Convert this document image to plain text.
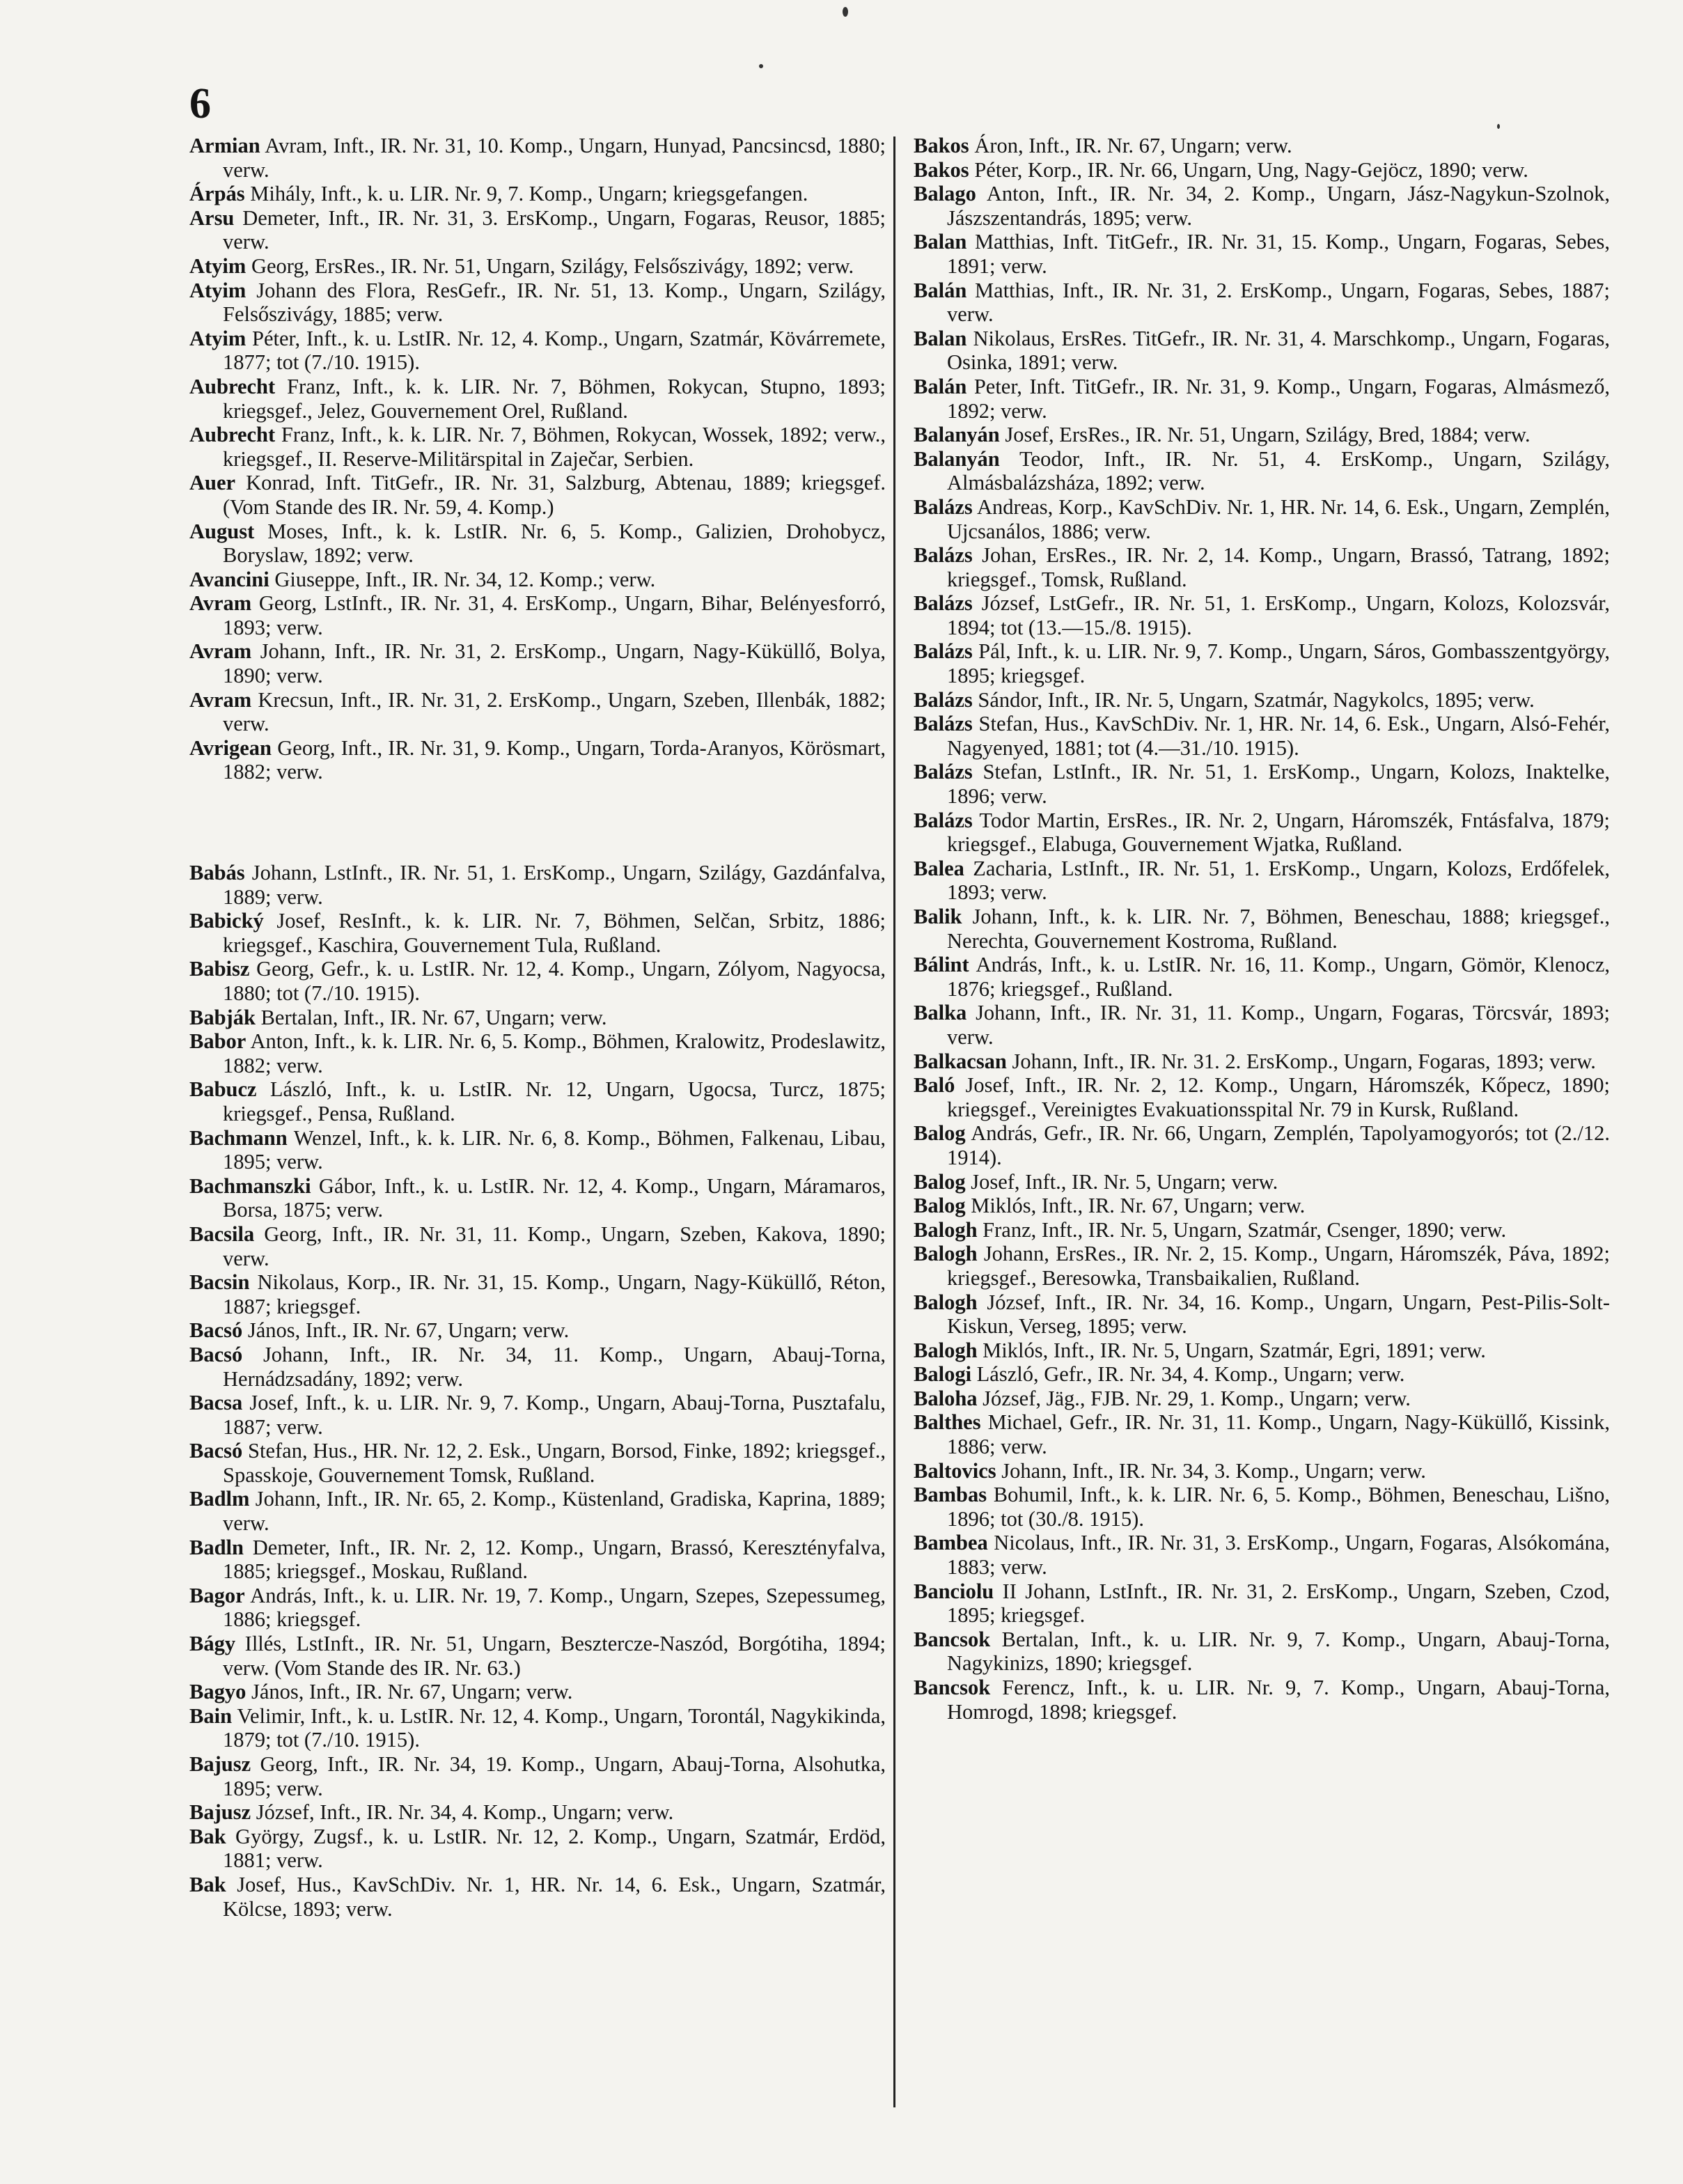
6

Armian Avram, Inft., IR. Nr. 31, 10. Komp., Ungarn, Hunyad, Pancsincsd, 1880; verw.

Árpás Mihály, Inft., k. u. LIR. Nr. 9, 7. Komp., Ungarn; kriegsgefangen.

Arsu Demeter, Inft., IR. Nr. 31, 3. ErsKomp., Ungarn, Fogaras, Reusor, 1885; verw.

Atyim Georg, ErsRes., IR. Nr. 51, Ungarn, Szilágy, Felsőszivágy, 1892; verw.

Atyim Johann des Flora, ResGefr., IR. Nr. 51, 13. Komp., Ungarn, Szilágy, Felsőszivágy, 1885; verw.

Atyim Péter, Inft., k. u. LstIR. Nr. 12, 4. Komp., Ungarn, Szatmár, Kövárremete, 1877; tot (7./10. 1915).

Aubrecht Franz, Inft., k. k. LIR. Nr. 7, Böhmen, Rokycan, Stupno, 1893; kriegsgef., Jelez, Gouvernement Orel, Rußland.

Aubrecht Franz, Inft., k. k. LIR. Nr. 7, Böhmen, Rokycan, Wossek, 1892; verw., kriegsgef., II. Reserve-Militärspital in Zaječar, Serbien.

Auer Konrad, Inft. TitGefr., IR. Nr. 31, Salzburg, Abtenau, 1889; kriegsgef. (Vom Stande des IR. Nr. 59, 4. Komp.)

August Moses, Inft., k. k. LstIR. Nr. 6, 5. Komp., Galizien, Drohobycz, Boryslaw, 1892; verw.

Avancini Giuseppe, Inft., IR. Nr. 34, 12. Komp.; verw.

Avram Georg, LstInft., IR. Nr. 31, 4. ErsKomp., Ungarn, Bihar, Belényesforró, 1893; verw.

Avram Johann, Inft., IR. Nr. 31, 2. ErsKomp., Ungarn, Nagy-Küküllő, Bolya, 1890; verw.

Avram Krecsun, Inft., IR. Nr. 31, 2. ErsKomp., Ungarn, Szeben, Illenbák, 1882; verw.

Avrigean Georg, Inft., IR. Nr. 31, 9. Komp., Ungarn, Torda-Aranyos, Körösmart, 1882; verw.

Babás Johann, LstInft., IR. Nr. 51, 1. ErsKomp., Ungarn, Szilágy, Gazdánfalva, 1889; verw.

Babický Josef, ResInft., k. k. LIR. Nr. 7, Böhmen, Selčan, Srbitz, 1886; kriegsgef., Kaschira, Gouvernement Tula, Rußland.

Babisz Georg, Gefr., k. u. LstIR. Nr. 12, 4. Komp., Ungarn, Zólyom, Nagyocsa, 1880; tot (7./10. 1915).

Babják Bertalan, Inft., IR. Nr. 67, Ungarn; verw.

Babor Anton, Inft., k. k. LIR. Nr. 6, 5. Komp., Böhmen, Kralowitz, Prodeslawitz, 1882; verw.

Babucz László, Inft., k. u. LstIR. Nr. 12, Ungarn, Ugocsa, Turcz, 1875; kriegsgef., Pensa, Rußland.

Bachmann Wenzel, Inft., k. k. LIR. Nr. 6, 8. Komp., Böhmen, Falkenau, Libau, 1895; verw.

Bachmanszki Gábor, Inft., k. u. LstIR. Nr. 12, 4. Komp., Ungarn, Máramaros, Borsa, 1875; verw.

Bacsila Georg, Inft., IR. Nr. 31, 11. Komp., Ungarn, Szeben, Kakova, 1890; verw.

Bacsin Nikolaus, Korp., IR. Nr. 31, 15. Komp., Ungarn, Nagy-Küküllő, Réton, 1887; kriegsgef.

Bacsó János, Inft., IR. Nr. 67, Ungarn; verw.

Bacsó Johann, Inft., IR. Nr. 34, 11. Komp., Ungarn, Abauj-Torna, Hernádzsadány, 1892; verw.

Bacsa Josef, Inft., k. u. LIR. Nr. 9, 7. Komp., Ungarn, Abauj-Torna, Pusztafalu, 1887; verw.

Bacsó Stefan, Hus., HR. Nr. 12, 2. Esk., Ungarn, Borsod, Finke, 1892; kriegsgef., Spasskoje, Gouvernement Tomsk, Rußland.

Badlm Johann, Inft., IR. Nr. 65, 2. Komp., Küstenland, Gradiska, Kaprina, 1889; verw.

Badln Demeter, Inft., IR. Nr. 2, 12. Komp., Ungarn, Brassó, Keresztényfalva, 1885; kriegsgef., Moskau, Rußland.

Bagor András, Inft., k. u. LIR. Nr. 19, 7. Komp., Ungarn, Szepes, Szepessumeg, 1886; kriegsgef.

Bágy Illés, LstInft., IR. Nr. 51, Ungarn, Besztercze-Naszód, Borgótiha, 1894; verw. (Vom Stande des IR. Nr. 63.)

Bagyo János, Inft., IR. Nr. 67, Ungarn; verw.

Bain Velimir, Inft., k. u. LstIR. Nr. 12, 4. Komp., Ungarn, Torontál, Nagykikinda, 1879; tot (7./10. 1915).

Bajusz Georg, Inft., IR. Nr. 34, 19. Komp., Ungarn, Abauj-Torna, Alsohutka, 1895; verw.

Bajusz József, Inft., IR. Nr. 34, 4. Komp., Ungarn; verw.

Bak György, Zugsf., k. u. LstIR. Nr. 12, 2. Komp., Ungarn, Szatmár, Erdöd, 1881; verw.

Bak Josef, Hus., KavSchDiv. Nr. 1, HR. Nr. 14, 6. Esk., Ungarn, Szatmár, Kölcse, 1893; verw.

Bakos Áron, Inft., IR. Nr. 67, Ungarn; verw.

Bakos Péter, Korp., IR. Nr. 66, Ungarn, Ung, Nagy-Gejöcz, 1890; verw.

Balago Anton, Inft., IR. Nr. 34, 2. Komp., Ungarn, Jász-Nagykun-Szolnok, Jászszentandrás, 1895; verw.

Balan Matthias, Inft. TitGefr., IR. Nr. 31, 15. Komp., Ungarn, Fogaras, Sebes, 1891; verw.

Balán Matthias, Inft., IR. Nr. 31, 2. ErsKomp., Ungarn, Fogaras, Sebes, 1887; verw.

Balan Nikolaus, ErsRes. TitGefr., IR. Nr. 31, 4. Marschkomp., Ungarn, Fogaras, Osinka, 1891; verw.

Balán Peter, Inft. TitGefr., IR. Nr. 31, 9. Komp., Ungarn, Fogaras, Almásmező, 1892; verw.

Balanyán Josef, ErsRes., IR. Nr. 51, Ungarn, Szilágy, Bred, 1884; verw.

Balanyán Teodor, Inft., IR. Nr. 51, 4. ErsKomp., Ungarn, Szilágy, Almásbalázsháza, 1892; verw.

Balázs Andreas, Korp., KavSchDiv. Nr. 1, HR. Nr. 14, 6. Esk., Ungarn, Zemplén, Ujcsanálos, 1886; verw.

Balázs Johan, ErsRes., IR. Nr. 2, 14. Komp., Ungarn, Brassó, Tatrang, 1892; kriegsgef., Tomsk, Rußland.

Balázs József, LstGefr., IR. Nr. 51, 1. ErsKomp., Ungarn, Kolozs, Kolozsvár, 1894; tot (13.—15./8. 1915).

Balázs Pál, Inft., k. u. LIR. Nr. 9, 7. Komp., Ungarn, Sáros, Gombasszentgyörgy, 1895; kriegsgef.

Balázs Sándor, Inft., IR. Nr. 5, Ungarn, Szatmár, Nagykolcs, 1895; verw.

Balázs Stefan, Hus., KavSchDiv. Nr. 1, HR. Nr. 14, 6. Esk., Ungarn, Alsó-Fehér, Nagyenyed, 1881; tot (4.—31./10. 1915).

Balázs Stefan, LstInft., IR. Nr. 51, 1. ErsKomp., Ungarn, Kolozs, Inaktelke, 1896; verw.

Balázs Todor Martin, ErsRes., IR. Nr. 2, Ungarn, Háromszék, Fntásfalva, 1879; kriegsgef., Elabuga, Gouvernement Wjatka, Rußland.

Balea Zacharia, LstInft., IR. Nr. 51, 1. ErsKomp., Ungarn, Kolozs, Erdőfelek, 1893; verw.

Balik Johann, Inft., k. k. LIR. Nr. 7, Böhmen, Beneschau, 1888; kriegsgef., Nerechta, Gouvernement Kostroma, Rußland.

Bálint András, Inft., k. u. LstIR. Nr. 16, 11. Komp., Ungarn, Gömör, Klenocz, 1876; kriegsgef., Rußland.

Balka Johann, Inft., IR. Nr. 31, 11. Komp., Ungarn, Fogaras, Törcsvár, 1893; verw.

Balkacsan Johann, Inft., IR. Nr. 31. 2. ErsKomp., Ungarn, Fogaras, 1893; verw.

Baló Josef, Inft., IR. Nr. 2, 12. Komp., Ungarn, Háromszék, Kőpecz, 1890; kriegsgef., Vereinigtes Evakuationsspital Nr. 79 in Kursk, Rußland.

Balog András, Gefr., IR. Nr. 66, Ungarn, Zemplén, Tapolyamogyorós; tot (2./12. 1914).

Balog Josef, Inft., IR. Nr. 5, Ungarn; verw.

Balog Miklós, Inft., IR. Nr. 67, Ungarn; verw.

Balogh Franz, Inft., IR. Nr. 5, Ungarn, Szatmár, Csenger, 1890; verw.

Balogh Johann, ErsRes., IR. Nr. 2, 15. Komp., Ungarn, Háromszék, Páva, 1892; kriegsgef., Beresowka, Transbaikalien, Rußland.

Balogh József, Inft., IR. Nr. 34, 16. Komp., Ungarn, Ungarn, Pest-Pilis-Solt-Kiskun, Verseg, 1895; verw.

Balogh Miklós, Inft., IR. Nr. 5, Ungarn, Szatmár, Egri, 1891; verw.

Balogi László, Gefr., IR. Nr. 34, 4. Komp., Ungarn; verw.

Baloha József, Jäg., FJB. Nr. 29, 1. Komp., Ungarn; verw.

Balthes Michael, Gefr., IR. Nr. 31, 11. Komp., Ungarn, Nagy-Küküllő, Kissink, 1886; verw.

Baltovics Johann, Inft., IR. Nr. 34, 3. Komp., Ungarn; verw.

Bambas Bohumil, Inft., k. k. LIR. Nr. 6, 5. Komp., Böhmen, Beneschau, Lišno, 1896; tot (30./8. 1915).

Bambea Nicolaus, Inft., IR. Nr. 31, 3. ErsKomp., Ungarn, Fogaras, Alsókomána, 1883; verw.

Banciolu II Johann, LstInft., IR. Nr. 31, 2. ErsKomp., Ungarn, Szeben, Czod, 1895; kriegsgef.

Bancsok Bertalan, Inft., k. u. LIR. Nr. 9, 7. Komp., Ungarn, Abauj-Torna, Nagykinizs, 1890; kriegsgef.

Bancsok Ferencz, Inft., k. u. LIR. Nr. 9, 7. Komp., Ungarn, Abauj-Torna, Homrogd, 1898; kriegsgef.
